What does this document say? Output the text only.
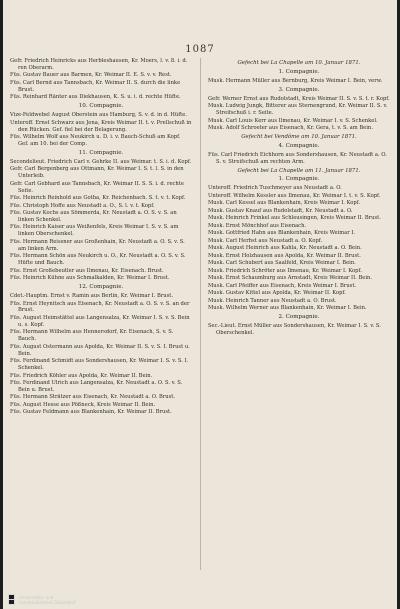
1087
Gefr. Friedrich Heinricks aus Herbleshausen, Kr. Moers, l. v. 8. i. d. ren Oberarm.
Füs. Gustav Bauer aus Barmen, Kr. Weimar II. E. S. v. v. Rest.
Füs. Carl Bernd aus Tannsbach, Kr. Weimar II. S. durch die linke Brust.
Füs. Reinhard Ränter aus Diekhausen, K. S. u. i. d. rechte Hüfte.
10. Compagnie.
Vize-Feldwebel August Oberstein aus Hamburg, S. v. d. in d. Hüfte.
Unteroff. Ernst Schwarz aus Jena, Kreis Weimar II. t. v. Prellschuß in den Rücken. Gef. fiel bei der Belagerung.
Füs. Wilhelm Wolf aus Neukirch u. D. i. v. Bauch-Schuß am Kopf. Gef. am 10. bei der Comp.
11. Compagnie.
Secondelieut. Friedrich Carl v. Gehrke II. aus Weimar. t. S. i. d. Kopf.
Gefr. Carl Bergenberg aus Ottmann, Kr. Weimar I. S. t. l. S. in den Unterleib.
Gefr. Carl Gebhard aus Tannsbach, Kr. Weimar II. S. S. i. d. rechte Seite.
Füs. Heinrich Reinhold aus Gotha, Kr. Reichenbach. S. t. v. t. Kopf.
Füs. Christoph Hoffe aus Neustadt a. O., S. l. v. t. Kopf.
Füs. Gustav Kochs aus Sömmerda, Kr. Neustadt a. O. S. v. S. an linken Schenkel.
Füs. Heinrich Kaiser aus Weißenfels, Kreis Weimar I. S. v. S. am linken Oberschenkel.
Füs. Hermann Reissner aus Großenhain, Kr. Neustadt a. O. S. v. S. am linken Arm.
Füs. Hermann Schön aus Neukirch u. O., Kr. Neustadt a. O. S. v. S. Hüfte und Bauch.
Füs. Ernst Großebeutler aus Ilmenau, Kr. Eisenach. Brust.
Füs. Heinrich Kühne aus Schmalkalden, Kr. Weimar I. Brust.
12. Compagnie.
Cdet.-Hauptm. Ernst v. Ramin aus Berlin, Kr. Weimar I. Brust.
Füs. Ernst Heynitsch aus Eisenach, Kr. Neustadt a. O. S. v. S. an der Brust.
Füs. August Heimstättel aus Langensalza, Kr. Weimar I. S. v. S. Bein u. s. Kopf.
Füs. Hermann Wilhelm aus Hennersdorf, Kr. Eisenach, S. v. S. Bauch.
Füs. August Ostermann aus Apolda, Kr. Weimar II. S. v. S. I. Brust u. Bein.
Füs. Ferdinand Schmidt aus Sondershausen, Kr. Weimar I. S. v. S. I. Schenkel.
Füs. Friedrich Köhler aus Apolda, Kr. Weimar II. Bein.
Füs. Ferdinand Ulrich aus Langensalza, Kr. Neustadt a. O. S. v. S. Bein u. Brust.
Füs. Hermann Strätzer aus Eisenach, Kr. Neustadt a. O. Brust.
Füs. August Hesse aus Pößneck, Kreis Weimar II. Bein.
Füs. Gustav Feldmann aus Blankenhain, Kr. Weimar II. Brust.
Gefecht bei La Chapelle am 10. Januar 1871.
1. Compagnie.
Musk. Hermann Müller aus Bernburg, Kreis Weimar I. Bein, verw.
3. Compagnie.
Gefr. Werner Ernst aus Rudolstadt, Kreis Weimar II. S. v. S. t. r. Kopf.
Musk. Ludwig Jungk, Bitterer aus Sternengrund, Kr. Weimar II. S. v. Streifschuß i. r. Seite.
Musk. Carl Louis Kerr aus Ilmenau, Kr. Weimar I. v. S. Schenkel.
Musk. Adolf Schroeter aus Eisenach, Kr. Gera, t. v. S. am Bein.
Gefecht bei Vendôme am 10. Januar 1871.
4. Compagnie.
Füs. Carl Friedrich Eichhorn aus Sondershausen, Kr. Neustadt a. O. S. v. Streifschuß am rechten Arm.
Gefecht bei La Chapelle am 11. Januar 1871.
1. Compagnie.
Unteroff. Friedrich Tuschmeyer aus Neustadt a. O.
Unteroff. Wilhelm Kessler aus Ilmenau, Kr. Weimar I. t. v. S. Kopf.
Musk. Carl Kessel aus Blankenhain, Kreis Weimar I. Kopf.
Musk. Gustav Knauf aus Rudolstadt, Kr. Neustadt a. O.
Musk. Heinrich Frinkel aus Schleusingen, Kreis Weimar II. Brust.
Musk. Ernst Mönchhof aus Eisenach.
Musk. Gottfried Hahn aus Blankenhain, Kreis Weimar I.
Musk. Carl Herbst aus Neustadt a. O. Kopf.
Musk. August Heinrich aus Kahla, Kr. Neustadt a. O. Bein.
Musk. Ernst Holzhausen aus Apolda, Kr. Weimar II. Brust.
Musk. Carl Schubert aus Saalfeld, Kreis Weimar I. Bein.
Musk. Friedrich Schröter aus Ilmenau, Kr. Weimar I. Kopf.
Musk. Ernst Schaumburg aus Arnstadt, Kreis Weimar II. Bein.
Musk. Carl Pfeiffer aus Eisenach, Kreis Weimar I. Brust.
Musk. Gustav Kittel aus Apolda, Kr. Weimar II. Kopf.
Musk. Heinrich Tanner aus Neustadt a. O. Brust.
Musk. Wilhelm Werner aus Blankenhain, Kr. Weimar I. Bein.
2. Compagnie.
Sec.-Lieut. Ernst Müller aus Sondershausen, Kr. Weimar I. S. v. S. Oberschenkel.
Universitäts- und
Landesbibliothek Düsseldorf
